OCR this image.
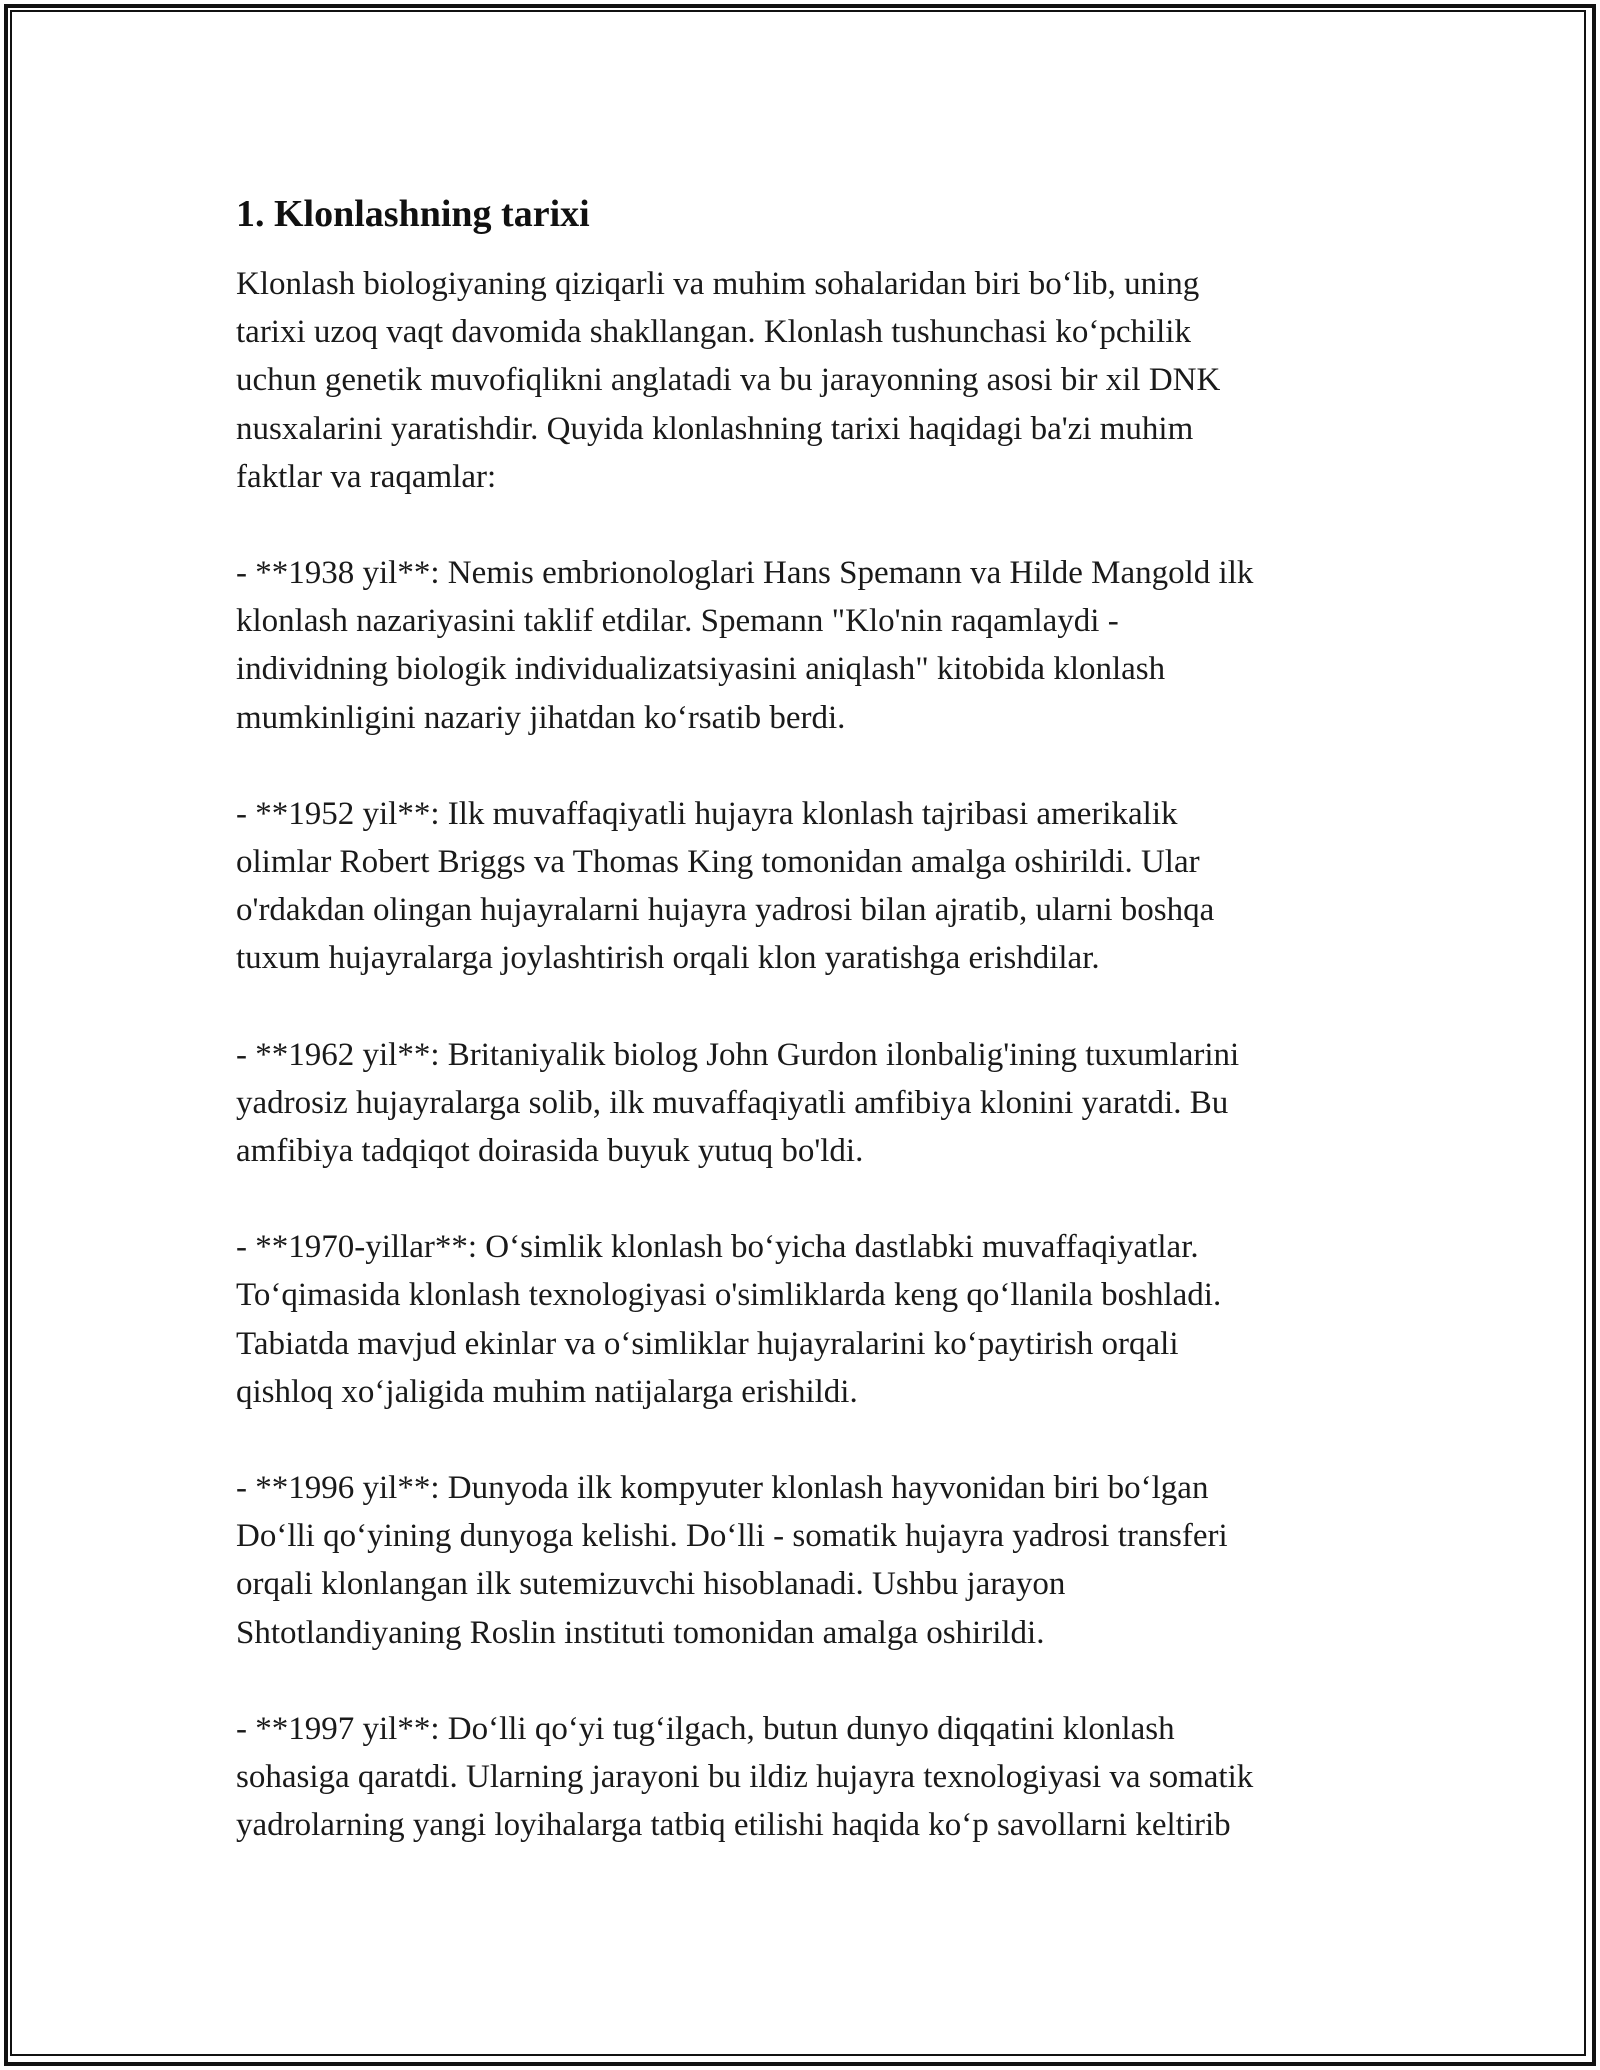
1. Klonlashning tarixi

Klonlash biologiyaning qiziqarli va muhim sohalaridan biri bo‘lib, uning
tarixi uzoq vaqt davomida shakllangan. Klonlash tushunchasi ko‘pchilik
uchun genetik muvofiqlikni anglatadi va bu jarayonning asosi bir xil DNK
nusxalarini yaratishdir. Quyida klonlashning tarixi haqidagi ba'zi muhim
faktlar va raqamlar:

- **1938 yil**: Nemis embrionologlari Hans Spemann va Hilde Mangold ilk
klonlash nazariyasini taklif etdilar. Spemann "Klo'nin raqamlaydi -
individning biologik individualizatsiyasini aniqlash" kitobida klonlash
mumkinligini nazariy jihatdan ko‘rsatib berdi.

- **1952 yil**: Ilk muvaffaqiyatli hujayra klonlash tajribasi amerikalik
olimlar Robert Briggs va Thomas King tomonidan amalga oshirildi. Ular
o'rdakdan olingan hujayralarni hujayra yadrosi bilan ajratib, ularni boshqa
tuxum hujayralarga joylashtirish orqali klon yaratishga erishdilar.

- **1962 yil**: Britaniyalik biolog John Gurdon ilonbalig'ining tuxumlarini
yadrosiz hujayralarga solib, ilk muvaffaqiyatli amfibiya klonini yaratdi. Bu
amfibiya tadqiqot doirasida buyuk yutuq bo'ldi.

- **1970-yillar**: O‘simlik klonlash bo‘yicha dastlabki muvaffaqiyatlar.
To‘qimasida klonlash texnologiyasi o'simliklarda keng qo‘llanila boshladi.
Tabiatda mavjud ekinlar va o‘simliklar hujayralarini ko‘paytirish orqali
qishloq xo‘jaligida muhim natijalarga erishildi.

- **1996 yil**: Dunyoda ilk kompyuter klonlash hayvonidan biri bo‘lgan
Do‘lli qo‘yining dunyoga kelishi. Do‘lli - somatik hujayra yadrosi transferi
orqali klonlangan ilk sutemizuvchi hisoblanadi. Ushbu jarayon
Shtotlandiyaning Roslin instituti tomonidan amalga oshirildi.

- **1997 yil**: Do‘lli qo‘yi tug‘ilgach, butun dunyo diqqatini klonlash
sohasiga qaratdi. Ularning jarayoni bu ildiz hujayra texnologiyasi va somatik
yadrolarning yangi loyihalarga tatbiq etilishi haqida ko‘p savollarni keltirib
